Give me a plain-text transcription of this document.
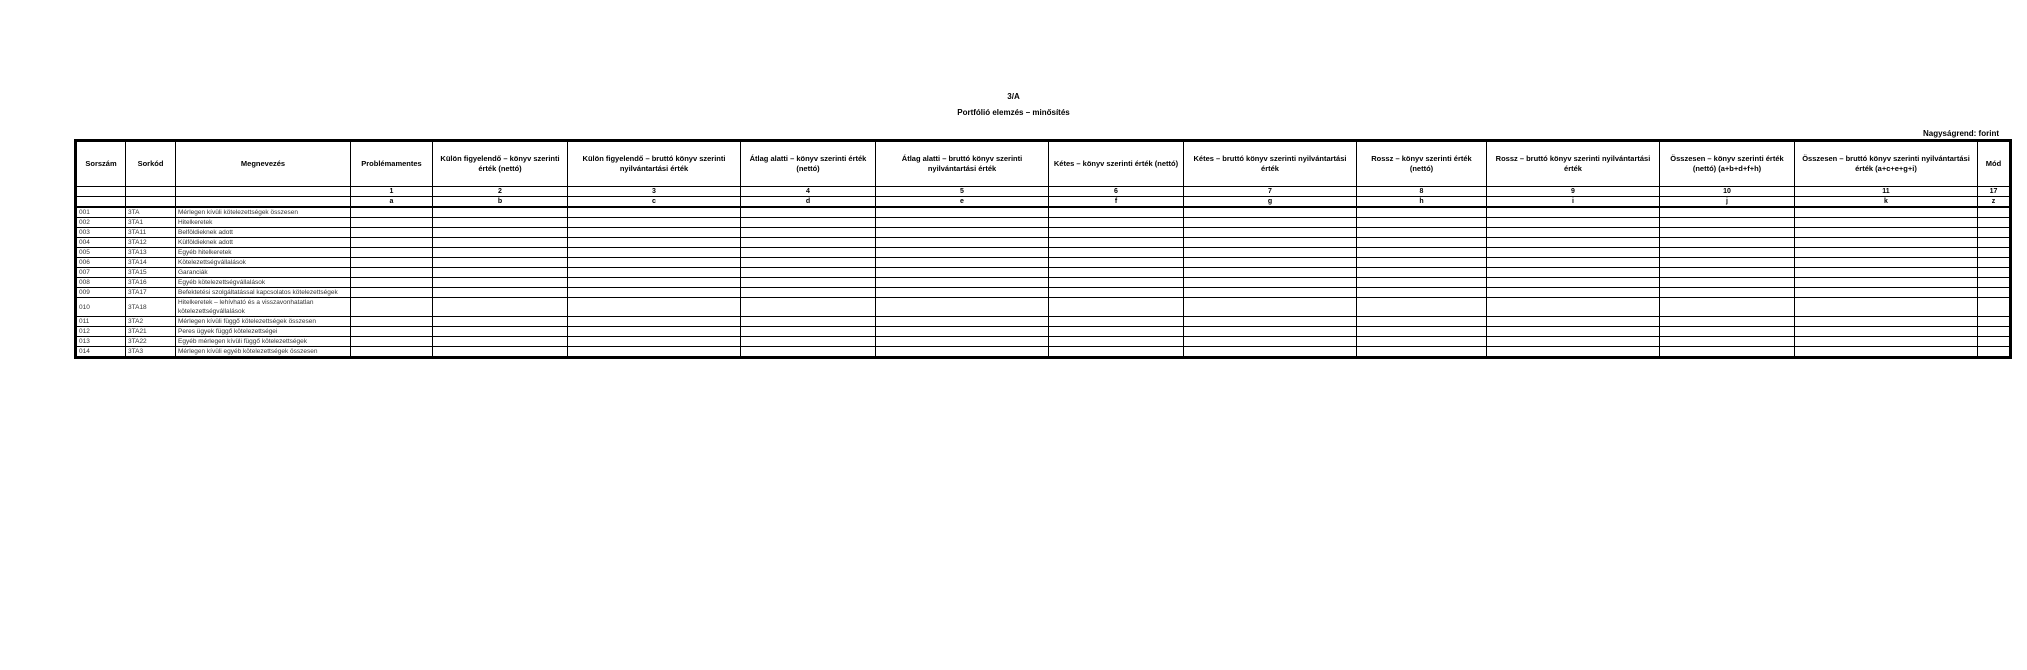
3/A
Portfólió elemzés – minősítés
Nagyságrend: forint
Sorszám	Sorkód	Megnevezés	Problémamentes	Külön figyelendő – könyv szerinti érték (nettó)	Külön figyelendő – bruttó könyv szerinti nyilvántartási érték	Átlag alatti – könyv szerinti érték (nettó)	Átlag alatti – bruttó könyv szerinti nyilvántartási érték	Kétes – könyv szerinti érték (nettó)	Kétes – bruttó könyv szerinti nyilvántartási érték	Rossz – könyv szerinti érték (nettó)	Rossz – bruttó könyv szerinti nyilvántartási érték	Összesen – könyv szerinti érték (nettó) (a+b+d+f+h)	Összesen – bruttó könyv szerinti nyilvántartási érték (a+c+e+g+i)	Mód
			1	2	3	4	5	6	7	8	9	10	11	17
			a	b	c	d	e	f	g	h	i	j	k	z
001	3TA	Mérlegen kívüli kötelezettségek összesen												
002	3TA1	Hitelkeretek												
003	3TA11	Belföldieknek adott												
004	3TA12	Külföldieknek adott												
005	3TA13	Egyéb hitelkeretek												
006	3TA14	Kötelezettségvállalások												
007	3TA15	Garanciák												
008	3TA16	Egyéb kötelezettségvállalások												
009	3TA17	Befektetési szolgáltatással kapcsolatos kötelezettségek												
010	3TA18	Hitelkeretek – lehívható és a visszavonhatatlan kötelezettségvállalások												
011	3TA2	Mérlegen kívüli függő kötelezettségek összesen												
012	3TA21	Peres ügyek függő kötelezettségei												
013	3TA22	Egyéb mérlegen kívüli függő kötelezettségek												
014	3TA3	Mérlegen kívüli egyéb kötelezettségek összesen												
